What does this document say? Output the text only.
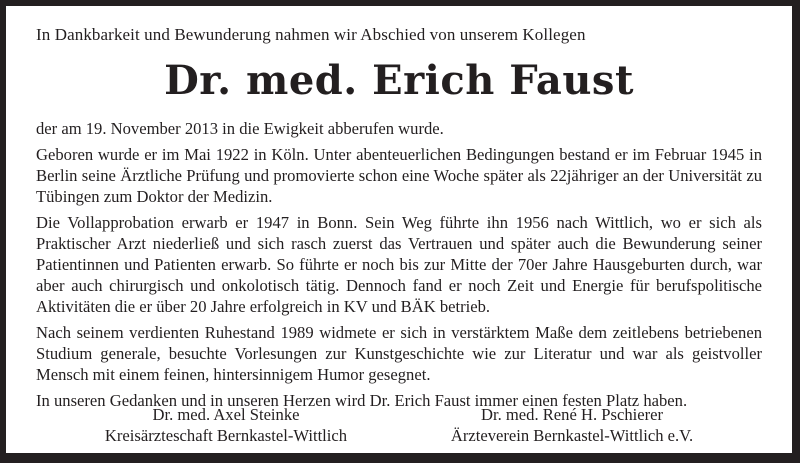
In Dankbarkeit und Bewunderung nahmen wir Abschied von unserem Kollegen
Dr. med. Erich Faust

der am 19. November 2013 in die Ewigkeit abberufen wurde.

Geboren wurde er im Mai 1922 in Köln. Unter abenteuerlichen Bedingungen bestand er im Februar 1945 in Berlin seine Ärztliche Prüfung und promovierte schon eine Woche später als 22jähriger an der Universität zu Tübingen zum Doktor der Medizin.

Die Vollapprobation erwarb er 1947 in Bonn. Sein Weg führte ihn 1956 nach Wittlich, wo er sich als Praktischer Arzt niederließ und sich rasch zuerst das Vertrauen und später auch die Bewunderung seiner Patientinnen und Patienten erwarb. So führte er noch bis zur Mitte der 70er Jahre Hausgeburten durch, war aber auch chirurgisch und onkolotisch tätig. Dennoch fand er noch Zeit und Energie für berufspolitische Aktivitäten die er über 20 Jahre erfolgreich in KV und BÄK betrieb.

Nach seinem verdienten Ruhestand 1989 widmete er sich in verstärktem Maße dem zeitlebens betriebenen Studium generale, besuchte Vorlesungen zur Kunstgeschichte wie zur Literatur und war als geistvoller Mensch mit einem feinen, hintersinnigem Humor gesegnet.

In unseren Gedanken und in unseren Herzen wird Dr. Erich Faust immer einen festen Platz haben.

Dr. med. Axel Steinke
Kreisärzteschaft Bernkastel-Wittlich
Dr. med. René H. Pschierer
Ärzteverein Bernkastel-Wittlich e.V.
